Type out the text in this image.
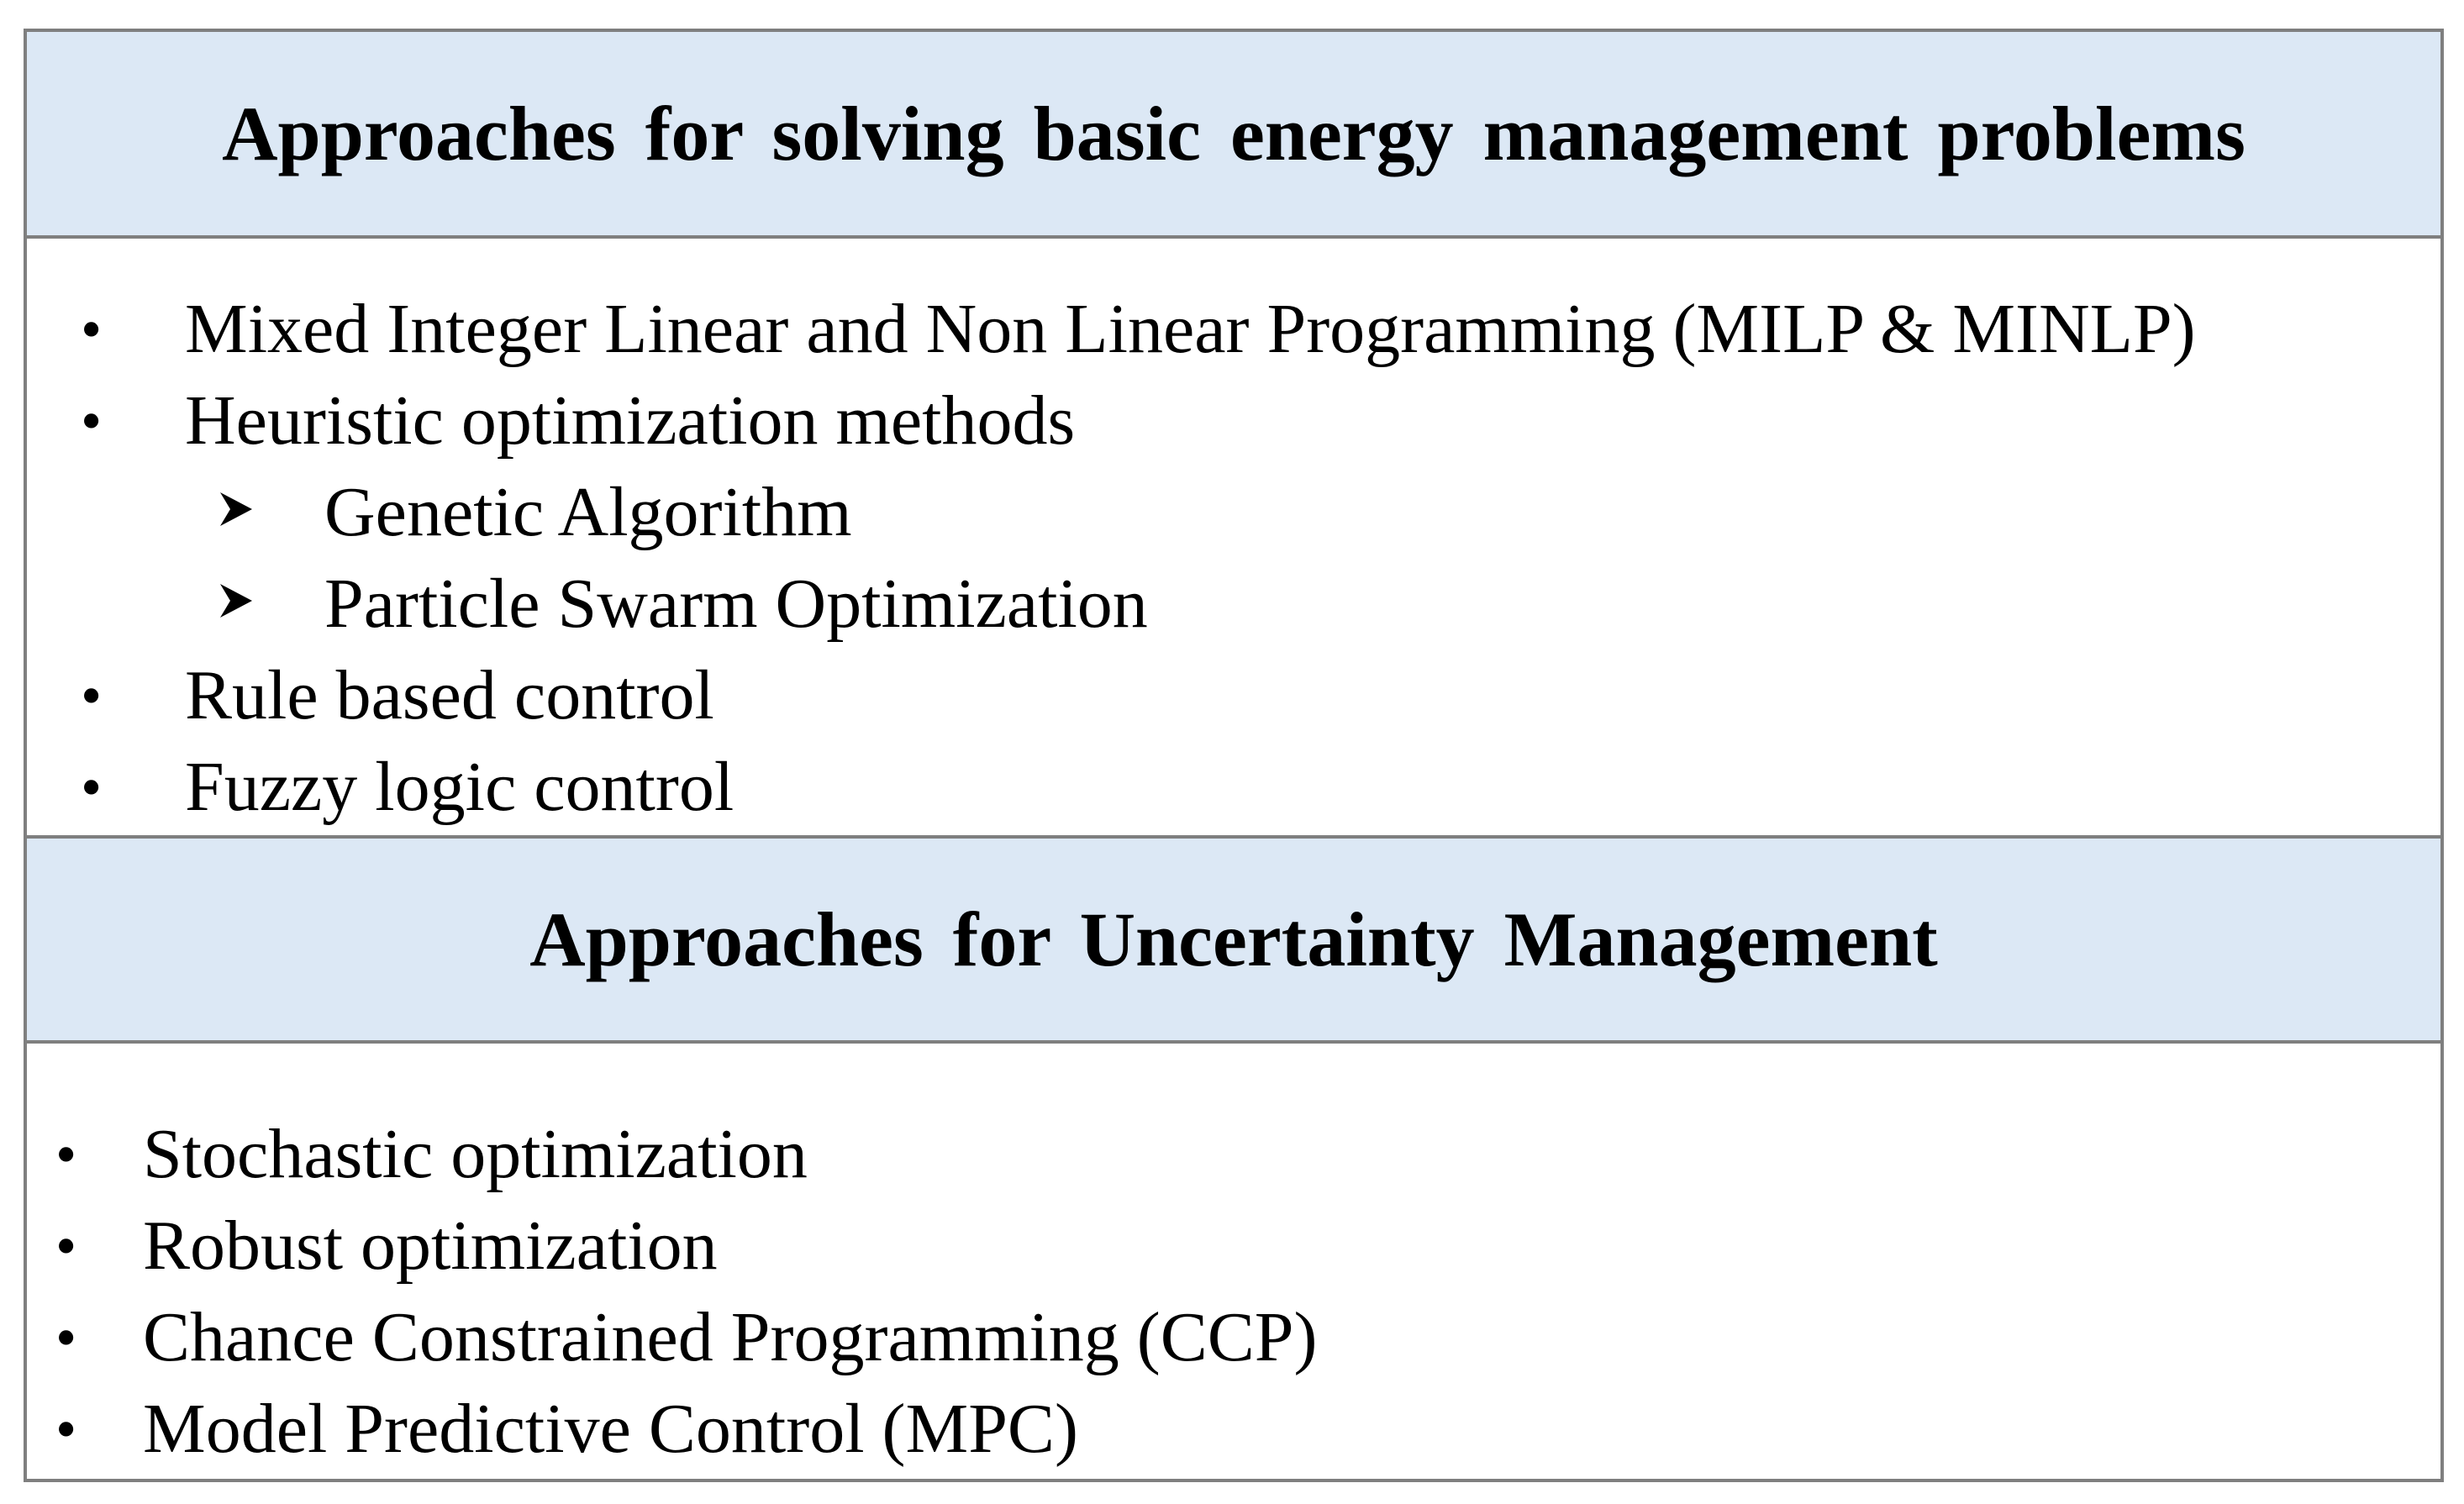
Approaches for solving basic energy management problems
• Mixed Integer Linear and Non Linear Programming (MILP & MINLP)
• Heuristic optimization methods
Genetic Algorithm
Particle Swarm Optimization
• Rule based control
• Fuzzy logic control
Approaches for Uncertainty Management
• Stochastic optimization
• Robust optimization
• Chance Constrained Programming (CCP)
• Model Predictive Control (MPC)
